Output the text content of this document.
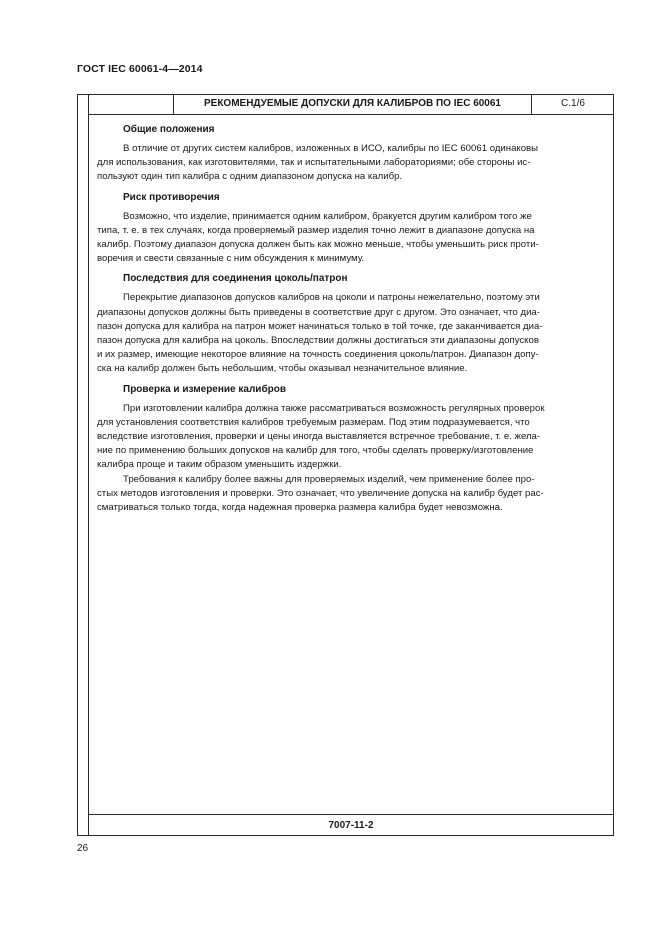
ГОСТ IEC 60061-4—2014
РЕКОМЕНДУЕМЫЕ ДОПУСКИ ДЛЯ КАЛИБРОВ ПО IEC 60061	С.1/6
Общие положения

В отличие от других систем калибров, изложенных в ИСО, калибры по IEC 60061 одинаковы
для использования, как изготовителями, так и испытательными лабораториями; обе стороны ис-
пользуют один тип калибра с одним диапазоном допуска на калибр.

Риск противоречия

Возможно, что изделие, принимается одним калибром, бракуется другим калибром того же
типа, т. е. в тех случаях, когда проверяемый размер изделия точно лежит в диапазоне допуска на
калибр. Поэтому диапазон допуска должен быть как можно меньше, чтобы уменьшить риск проти-
воречия и свести связанные с ним обсуждения к минимуму.

Последствия для соединения цоколь/патрон

Перекрытие диапазонов допусков калибров на цоколи и патроны нежелательно, поэтому эти
диапазоны допусков должны быть приведены в соответствие друг с другом. Это означает, что диа-
пазон допуска для калибра на патрон может начинаться только в той точке, где заканчивается диа-
пазон допуска для калибра на цоколь. Впоследствии должны достигаться эти диапазоны допусков
и их размер, имеющие некоторое влияние на точность соединения цоколь/патрон. Диапазон допу-
ска на калибр должен быть небольшим, чтобы оказывал незначительное влияние.

Проверка и измерение калибров

При изготовлении калибра должна также рассматриваться возможность регулярных проверок
для установления соответствия калибров требуемым размерам. Под этим подразумевается, что
вследствие изготовления, проверки и цены иногда выставляется встречное требование, т. е. жела-
ние по применению больших допусков на калибр для того, чтобы сделать проверку/изготовление
калибра проще и таким образом уменьшить издержки.

Требования к калибру более важны для проверяемых изделий, чем применение более про-
стых методов изготовления и проверки. Это означает, что увеличение допуска на калибр будет рас-
сматриваться только тогда, когда надежная проверка размера калибра будет невозможна.

7007-11-2
26
